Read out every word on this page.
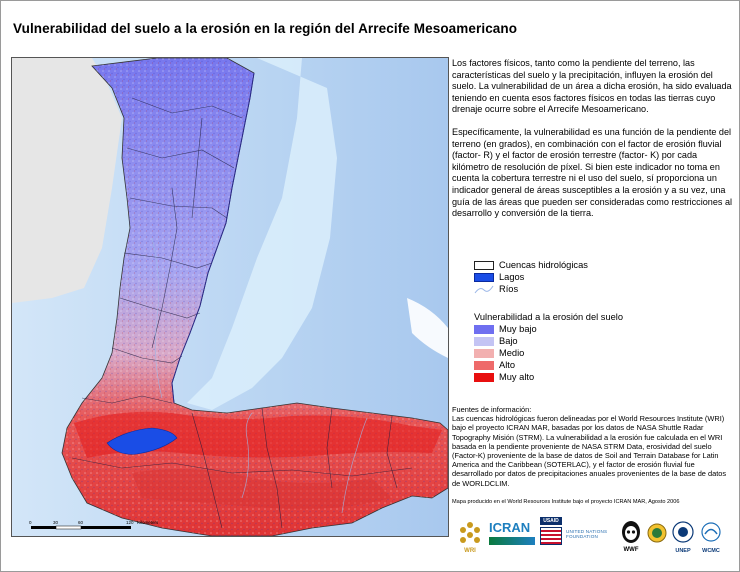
Vulnerabilidad del suelo a la erosión en la región del Arrecife Mesoamericano
0	30	60	120 Kilometers

Los factores físicos, tanto como la pendiente del terreno, las características del suelo y la precipitación, influyen la erosión del suelo. La vulnerabilidad de un área a dicha erosión, ha sido evaluada teniendo en cuenta esos factores físicos en todas las tierras cuyo drenaje ocurre sobre el Arrecife Mesoamericano.

Específicamente, la vulnerabilidad es una función de la pendiente del terreno (en grados), en combinación con el factor de erosión fluvial (factor- R) y el factor de erosión terrestre (factor- K) por cada kilómetro de resolución de píxel. Si bien este indicador no toma en cuenta la cobertura terrestre ni el uso del suelo, sí proporciona un indicador general de áreas susceptibles a la erosión y a su vez, una guía de las áreas que pueden ser consideradas como restricciones al desarrollo y conversión de la tierra.

Cuencas hidrológicas
Lagos
Ríos
Vulnerabilidad a la erosión del suelo
Muy bajo
Bajo
Medio
Alto
Muy alto
Fuentes de información:
Las cuencas hidrológicas fueron delineadas por el World Resources Institute (WRI) bajo el proyecto ICRAN MAR, basadas por los datos de NASA Shuttle Radar Topography Misión (STRM). La vulnerabilidad a la erosión fue calculada en el WRI basada en la pendiente proveniente de NASA STRM Data, erosividad del suelo (Factor-K) proveniente de la base de datos de Soil and Terrain Database for Latin America and the Caribbean (SOTERLAC), y el factor de erosión fluvial fue desarrollado por datos de precipitaciones anuales provenientes de la base de datos de WORLDCLIM.
Mapa producido en el World Resources Institute bajo el proyecto ICRAN MAR, Agosto 2006
WRI
ICRAN	USAID
UNITED NATIONS FOUNDATION
WWF	UNEP WCMC
